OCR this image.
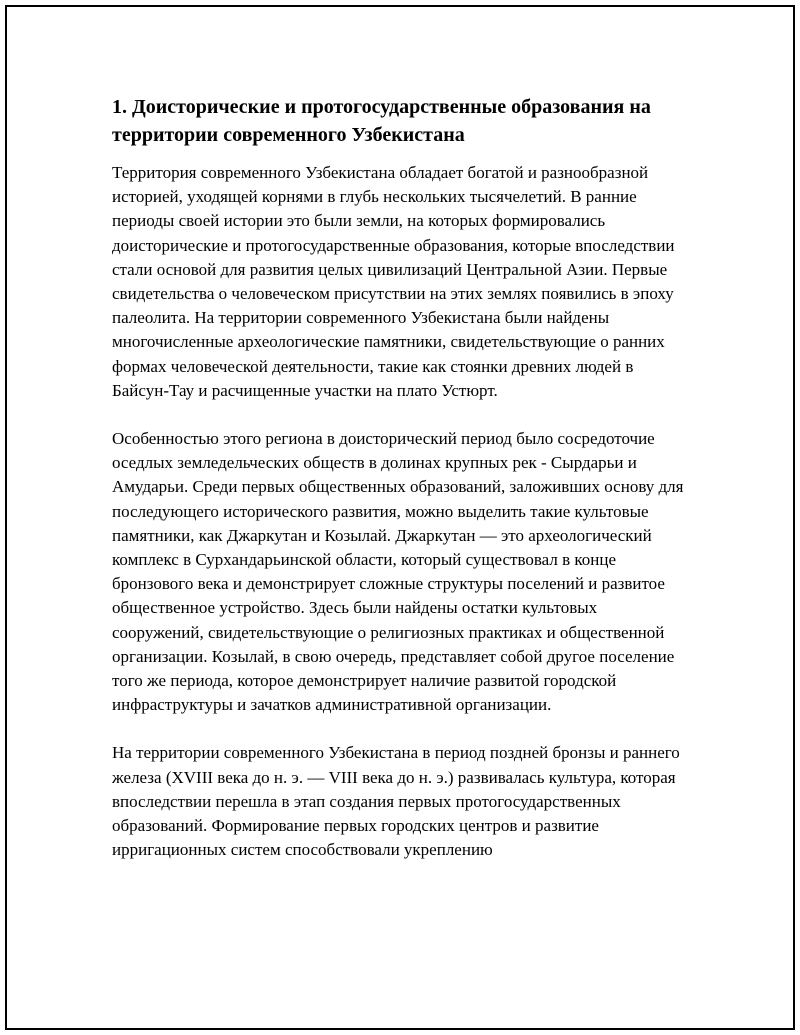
1. Доисторические и протогосударственные образования на территории современного Узбекистана

Территория современного Узбекистана обладает богатой и разнообразной историей, уходящей корнями в глубь нескольких тысячелетий. В ранние периоды своей истории это были земли, на которых формировались доисторические и протогосударственные образования, которые впоследствии стали основой для развития целых цивилизаций Центральной Азии. Первые свидетельства о человеческом присутствии на этих землях появились в эпоху палеолита. На территории современного Узбекистана были найдены многочисленные археологические памятники, свидетельствующие о ранних формах человеческой деятельности, такие как стоянки древних людей в Байсун-Тау и расчищенные участки на плато Устюрт.

Особенностью этого региона в доисторический период было сосредоточие оседлых земледельческих обществ в долинах крупных рек - Сырдарьи и Амударьи. Среди первых общественных образований, заложивших основу для последующего исторического развития, можно выделить такие культовые памятники, как Джаркутан и Козылай. Джаркутан — это археологический комплекс в Сурхандарьинской области, который существовал в конце бронзового века и демонстрирует сложные структуры поселений и развитое общественное устройство. Здесь были найдены остатки культовых сооружений, свидетельствующие о религиозных практиках и общественной организации. Козылай, в свою очередь, представляет собой другое поселение того же периода, которое демонстрирует наличие развитой городской инфраструктуры и зачатков административной организации.

На территории современного Узбекистана в период поздней бронзы и раннего железа (XVIII века до н. э. — VIII века до н. э.) развивалась культура, которая впоследствии перешла в этап создания первых протогосударственных образований. Формирование первых городских центров и развитие ирригационных систем способствовали укреплению
